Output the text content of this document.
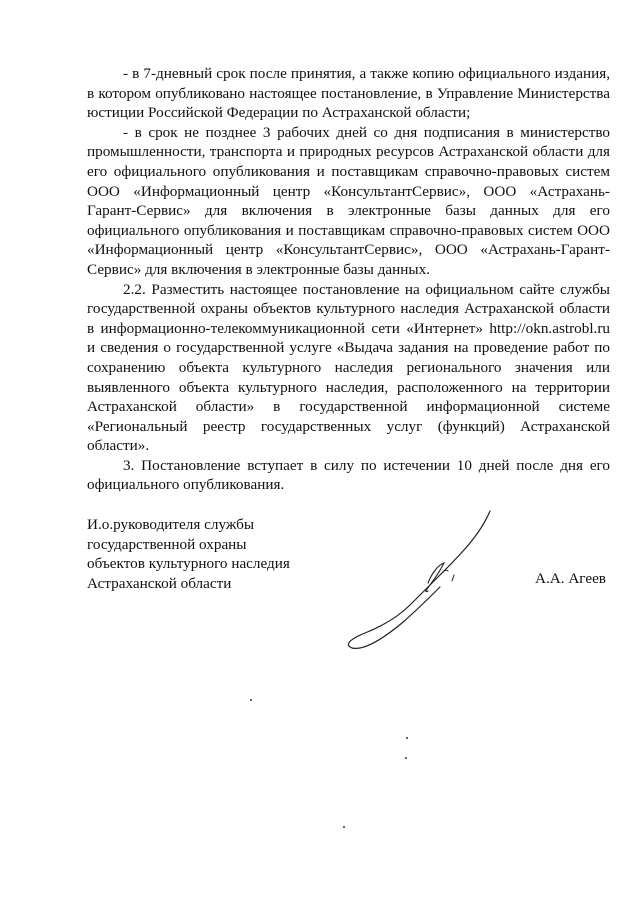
- в 7-дневный срок после принятия, а также копию официального издания, в котором опубликовано настоящее постановление, в Управление Министерства юстиции Российской Федерации по Астраханской области;

- в срок не позднее 3 рабочих дней со дня подписания в министерство промышленности, транспорта и природных ресурсов Астраханской области для его официального опубликования и поставщикам справочно-правовых систем ООО «Информационный центр «КонсультантСервис», ООО «Астрахань-Гарант-Сервис» для включения в электронные базы данных для его официального опубликования и поставщикам справочно-правовых систем ООО «Информационный центр «КонсультантСервис», ООО «Астрахань-Гарант-Сервис» для включения в электронные базы данных.

2.2. Разместить настоящее постановление на официальном сайте службы государственной охраны объектов культурного наследия Астраханской области в информационно-телекоммуникационной сети «Интернет» http://okn.astrobl.ru и сведения о государственной услуге «Выдача задания на проведение работ по сохранению объекта культурного наследия регионального значения или выявленного объекта культурного наследия, расположенного на территории Астраханской области» в государственной информационной системе «Региональный реестр государственных услуг (функций) Астраханской области».

3. Постановление вступает в силу по истечении 10 дней после дня его официального опубликования.

И.о.руководителя службы
государственной охраны
объектов культурного наследия
Астраханской области	А.А. Агеев
